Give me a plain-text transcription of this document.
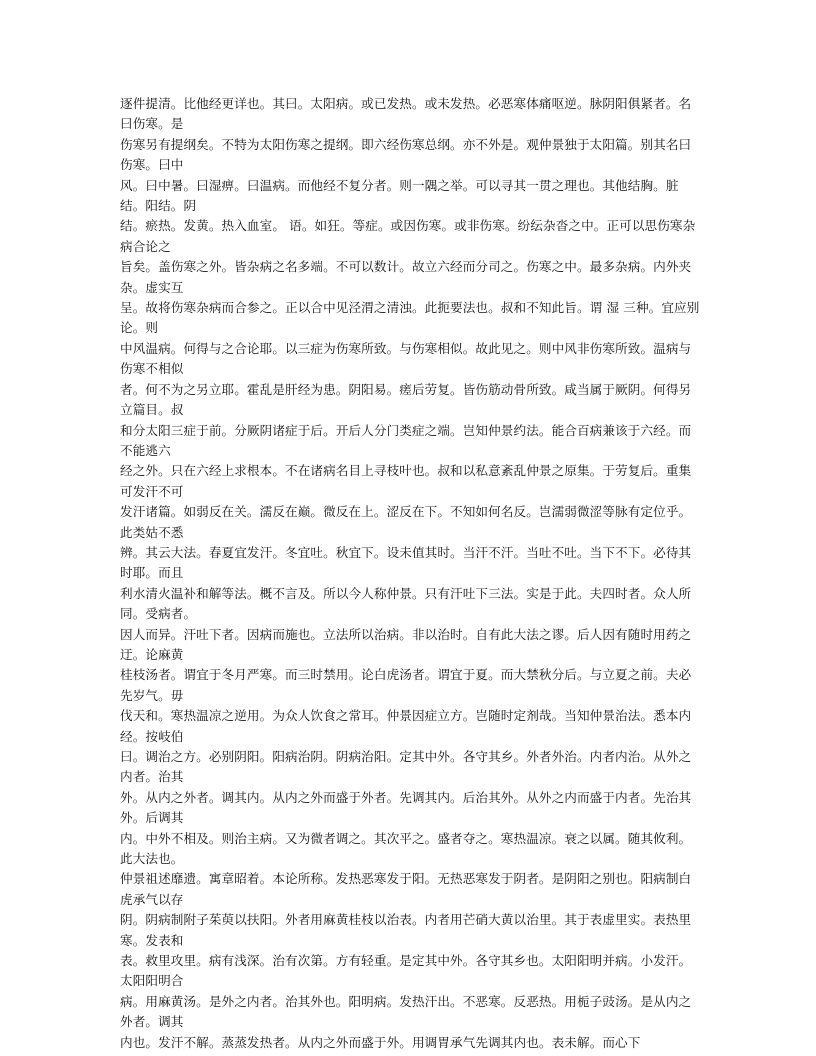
逐件提清。比他经更详也。其曰。太阳病。或已发热。或未发热。必恶寒体痛呕逆。脉阴阳俱紧者。名曰伤寒。是

伤寒另有提纲矣。不特为太阳伤寒之提纲。即六经伤寒总纲。亦不外是。观仲景独于太阳篇。别其名曰伤寒。曰中

风。曰中暑。曰湿痹。曰温病。而他经不复分者。则一隅之举。可以寻其一贯之理也。其他结胸。脏结。阳结。阴

结。瘀热。发黄。热入血室。 语。如狂。等症。或因伤寒。或非伤寒。纷纭杂沓之中。正可以思伤寒杂病合论之

旨矣。盖伤寒之外。皆杂病之名多端。不可以数计。故立六经而分司之。伤寒之中。最多杂病。内外夹杂。虚实互

呈。故将伤寒杂病而合参之。正以合中见泾渭之清浊。此扼要法也。叔和不知此旨。谓 湿 三种。宜应别论。则

中风温病。何得与之合论耶。以三症为伤寒所致。与伤寒相似。故此见之。则中风非伤寒所致。温病与伤寒不相似

者。何不为之另立耶。霍乱是肝经为患。阴阳易。瘥后劳复。皆伤筋动骨所致。咸当属于厥阴。何得另立篇目。叔

和分太阳三症于前。分厥阴诸症于后。开后人分门类症之端。岂知仲景约法。能合百病兼该于六经。而不能逃六

经之外。只在六经上求根本。不在诸病名目上寻枝叶也。叔和以私意紊乱仲景之原集。于劳复后。重集可发汗不可

发汗诸篇。如弱反在关。濡反在巅。微反在上。涩反在下。不知如何名反。岂濡弱微涩等脉有定位乎。此类姑不悉

辨。其云大法。春夏宜发汗。冬宜吐。秋宜下。设未值其时。当汗不汗。当吐不吐。当下不下。必待其时耶。而且

利水清火温补和解等法。概不言及。所以今人称仲景。只有汗吐下三法。实是于此。夫四时者。众人所同。受病者。

因人而异。汗吐下者。因病而施也。立法所以治病。非以治时。自有此大法之谬。后人因有随时用药之迂。论麻黄

桂枝汤者。谓宜于冬月严寒。而三时禁用。论白虎汤者。谓宜于夏。而大禁秋分后。与立夏之前。夫必先岁气。毋

伐天和。寒热温凉之逆用。为众人饮食之常耳。仲景因症立方。岂随时定剂哉。当知仲景治法。悉本内经。按岐伯

曰。调治之方。必别阴阳。阳病治阴。阴病治阳。定其中外。各守其乡。外者外治。内者内治。从外之内者。治其

外。从内之外者。调其内。从内之外而盛于外者。先调其内。后治其外。从外之内而盛于内者。先治其外。后调其

内。中外不相及。则治主病。又为微者调之。其次平之。盛者夺之。寒热温凉。衰之以属。随其攸利。此大法也。

仲景祖述靡遗。寓章昭着。本论所称。发热恶寒发于阳。无热恶寒发于阴者。是阴阳之别也。阳病制白虎承气以存

阴。阴病制附子茱萸以扶阳。外者用麻黄桂枝以治表。内者用芒硝大黄以治里。其于表虚里实。表热里寒。发表和

表。救里攻里。病有浅深。治有次第。方有轻重。是定其中外。各守其乡也。太阳阳明并病。小发汗。太阳阳明合

病。用麻黄汤。是外之内者。治其外也。阳明病。发热汗出。不恶寒。反恶热。用栀子豉汤。是从内之外者。调其

内也。发汗不解。蒸蒸发热者。从内之外而盛于外。用调胃承气先调其内也。表未解。而心下
